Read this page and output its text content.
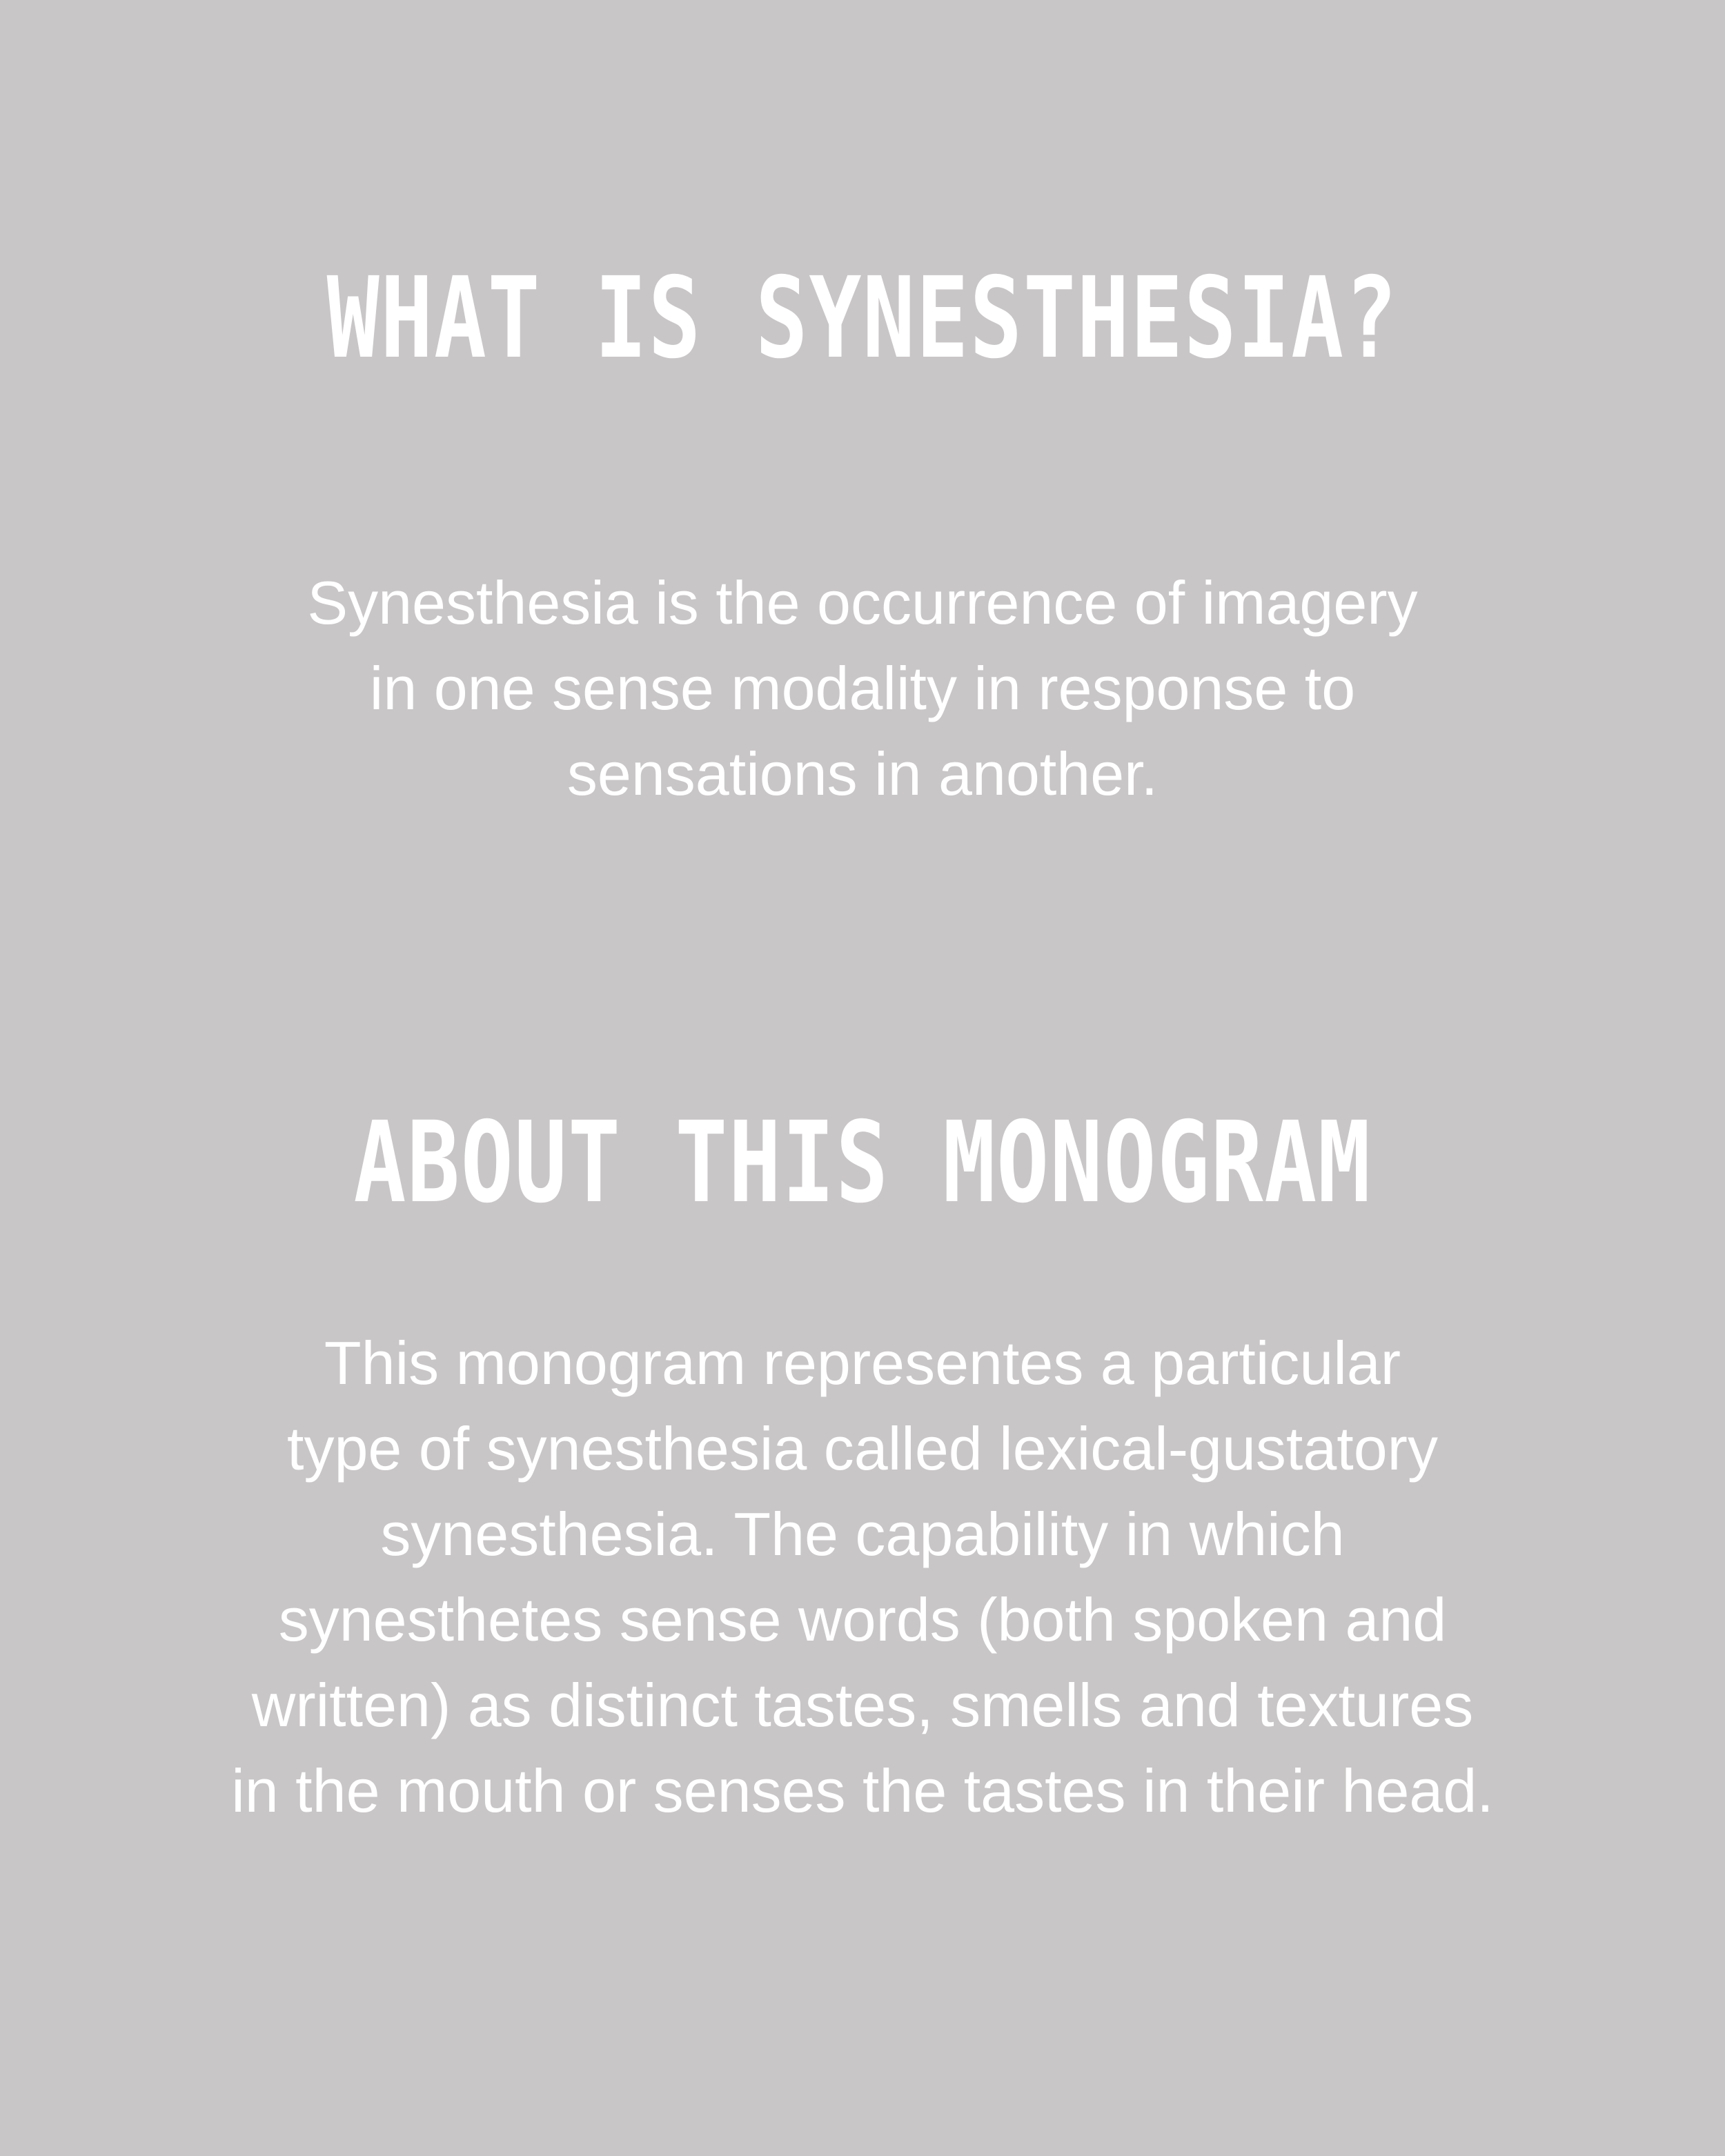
WHAT IS SYNESTHESIA?
Synesthesia is the occurrence of imagery
in one sense modality in response to
sensations in another.
ABOUT THIS MONOGRAM
This monogram representes a particular
type of synesthesia called lexical-gustatory
synesthesia. The capability in which
synesthetes sense words (both spoken and
written) as distinct tastes, smells and textures
in the mouth or senses the tastes in their head.
